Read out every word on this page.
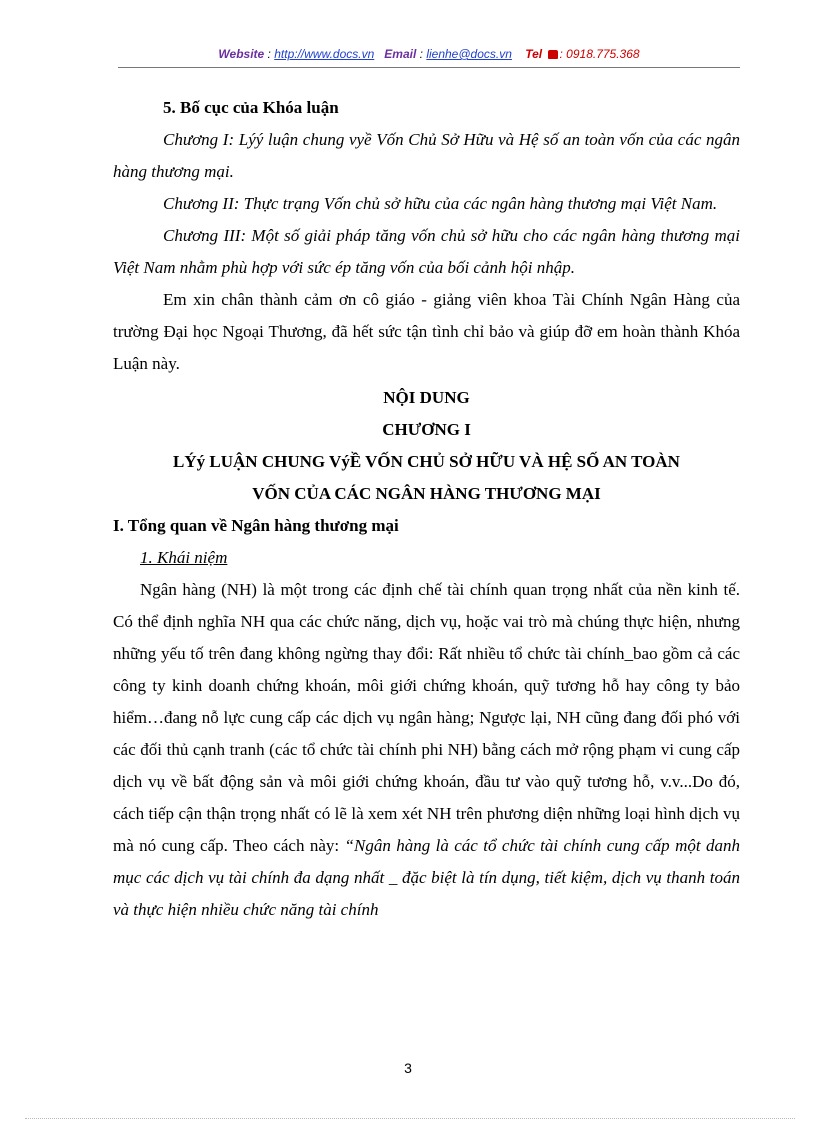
Website : http://www.docs.vn Email : lienhe@docs.vn Tel : 0918.775.368

5. Bố cục của Khóa luận

Chương I: Lýý luận chung vyề Vốn Chủ Sở Hữu và Hệ số an toàn vốn của các ngân hàng thương mại.

Chương II: Thực trạng Vốn chủ sở hữu của các ngân hàng thương mại Việt Nam.

Chương III: Một số giải pháp tăng vốn chủ sở hữu cho các ngân hàng thương mại Việt Nam nhằm phù hợp với sức ép tăng vốn của bối cảnh hội nhập.

Em xin chân thành cảm ơn cô giáo - giảng viên khoa Tài Chính Ngân Hàng của trường Đại học Ngoại Thương, đã hết sức tận tình chỉ bảo và giúp đỡ em hoàn thành Khóa Luận này.

NỘI DUNG

CHƯƠNG I

LÝý LUẬN CHUNG VýỀ VỐN CHỦ SỞ HỮU VÀ HỆ SỐ AN TOÀN

VỐN CỦA CÁC NGÂN HÀNG THƯƠNG MẠI

I. Tổng quan về Ngân hàng thương mại

1. Khái niệm

Ngân hàng (NH) là một trong các định chế tài chính quan trọng nhất của nền kinh tế. Có thể định nghĩa NH qua các chức năng, dịch vụ, hoặc vai trò mà chúng thực hiện, nhưng những yếu tố trên đang không ngừng thay đổi: Rất nhiều tổ chức tài chính_bao gồm cả các công ty kinh doanh chứng khoán, môi giới chứng khoán, quỹ tương hỗ hay công ty bảo hiểm…đang nỗ lực cung cấp các dịch vụ ngân hàng; Ngược lại, NH cũng đang đối phó với các đối thủ cạnh tranh (các tổ chức tài chính phi NH) bằng cách mở rộng phạm vi cung cấp dịch vụ về bất động sản và môi giới chứng khoán, đầu tư vào quỹ tương hỗ, v.v...Do đó, cách tiếp cận thận trọng nhất có lẽ là xem xét NH trên phương diện những loại hình dịch vụ mà nó cung cấp. Theo cách này: “Ngân hàng là các tổ chức tài chính cung cấp một danh mục các dịch vụ tài chính đa dạng nhất _ đặc biệt là tín dụng, tiết kiệm, dịch vụ thanh toán và thực hiện nhiều chức năng tài chính

3
